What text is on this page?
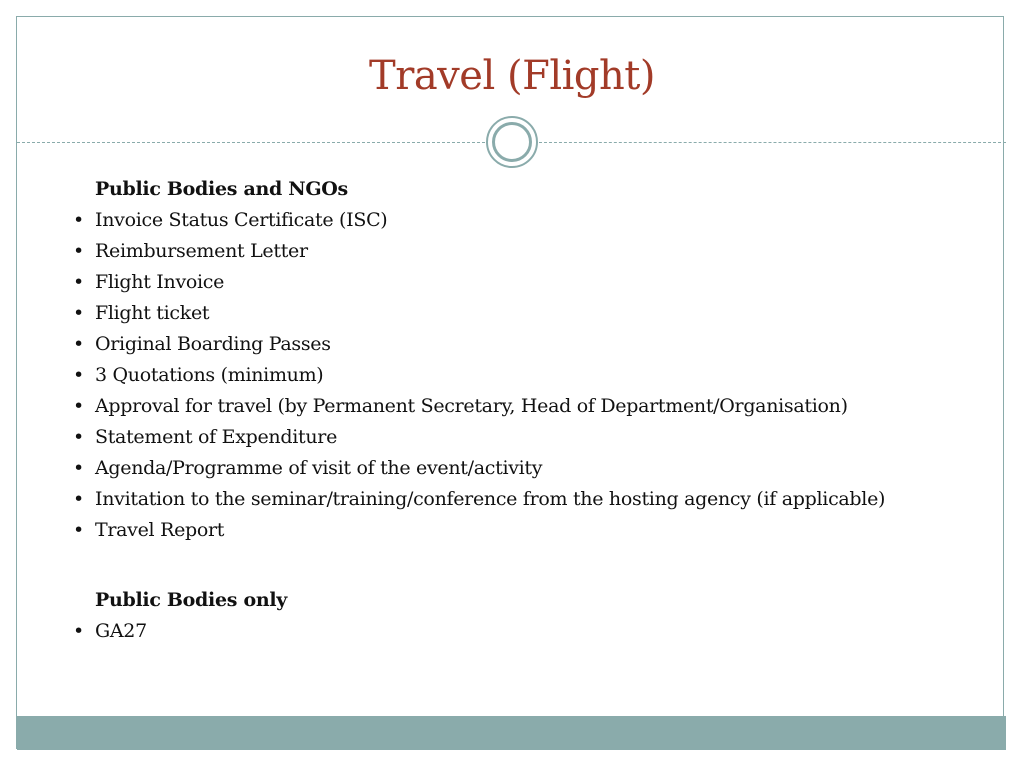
Travel (Flight)
Public Bodies and NGOs
• Invoice Status Certificate (ISC)
• Reimbursement Letter
• Flight Invoice
• Flight ticket
• Original Boarding Passes
• 3 Quotations (minimum)
• Approval for travel (by Permanent Secretary, Head of Department/Organisation)
• Statement of Expenditure
• Agenda/Programme of visit of the event/activity
• Invitation to the seminar/training/conference from the hosting agency (if applicable)
• Travel Report
Public Bodies only
• GA27
